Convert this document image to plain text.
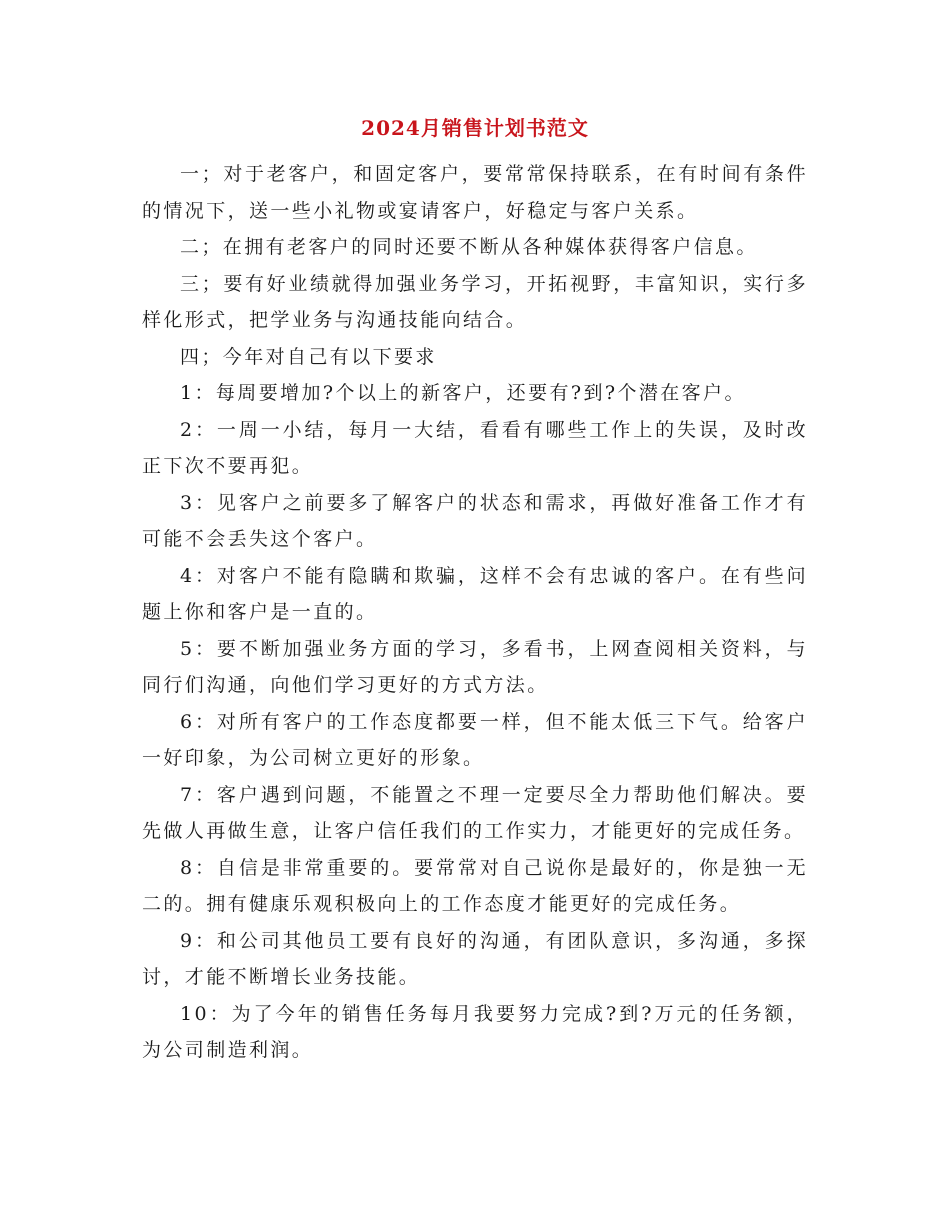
2024月销售计划书范文

一；对于老客户，和固定客户，要常常保持联系，在有时间有条件的情况下，送一些小礼物或宴请客户，好稳定与客户关系。

二；在拥有老客户的同时还要不断从各种媒体获得客户信息。

三；要有好业绩就得加强业务学习，开拓视野，丰富知识，实行多样化形式，把学业务与沟通技能向结合。

四；今年对自己有以下要求

1：每周要增加?个以上的新客户，还要有?到?个潜在客户。

2：一周一小结，每月一大结，看看有哪些工作上的失误，及时改正下次不要再犯。

3：见客户之前要多了解客户的状态和需求，再做好准备工作才有可能不会丢失这个客户。

4：对客户不能有隐瞒和欺骗，这样不会有忠诚的客户。在有些问题上你和客户是一直的。

5：要不断加强业务方面的学习，多看书，上网查阅相关资料，与同行们沟通，向他们学习更好的方式方法。

6：对所有客户的工作态度都要一样，但不能太低三下气。给客户一好印象，为公司树立更好的形象。

7：客户遇到问题，不能置之不理一定要尽全力帮助他们解决。要先做人再做生意，让客户信任我们的工作实力，才能更好的完成任务。

8：自信是非常重要的。要常常对自己说你是最好的，你是独一无二的。拥有健康乐观积极向上的工作态度才能更好的完成任务。

9：和公司其他员工要有良好的沟通，有团队意识，多沟通，多探讨，才能不断增长业务技能。

10：为了今年的销售任务每月我要努力完成?到?万元的任务额，为公司制造利润。
